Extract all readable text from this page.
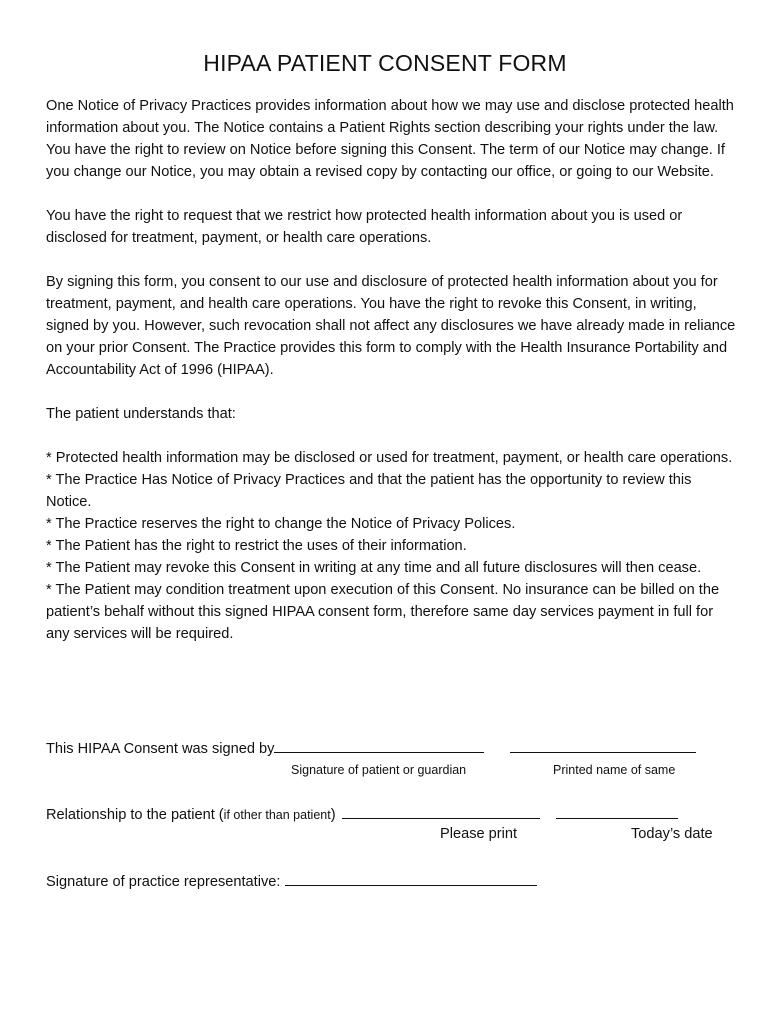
HIPAA PATIENT CONSENT FORM

One Notice of Privacy Practices provides information about how we may use and disclose protected health information about you. The Notice contains a Patient Rights section describing your rights under the law. You have the right to review on Notice before signing this Consent. The term of our Notice may change. If you change our Notice, you may obtain a revised copy by contacting our office, or going to our Website.

You have the right to request that we restrict how protected health information about you is used or disclosed for treatment, payment, or health care operations.

By signing this form, you consent to our use and disclosure of protected health information about you for treatment, payment, and health care operations. You have the right to revoke this Consent, in writing, signed by you. However, such revocation shall not affect any disclosures we have already made in reliance on your prior Consent. The Practice provides this form to comply with the Health Insurance Portability and Accountability Act of 1996 (HIPAA).

The patient understands that:

* Protected health information may be disclosed or used for treatment, payment, or health care operations.
* The Practice Has Notice of Privacy Practices and that the patient has the opportunity to review this Notice.
* The Practice reserves the right to change the Notice of Privacy Polices.
* The Patient has the right to restrict the uses of their information.
* The Patient may revoke this Consent in writing at any time and all future disclosures will then cease.
* The Patient may condition treatment upon execution of this Consent. No insurance can be billed on the patient’s behalf without this signed HIPAA consent form, therefore same day services payment in full for any services will be required.
This HIPAA Consent was signed by
Signature of patient or guardian	Printed name of same
Relationship to the patient (if other than patient)
Please print	Today’s date
Signature of practice representative:
